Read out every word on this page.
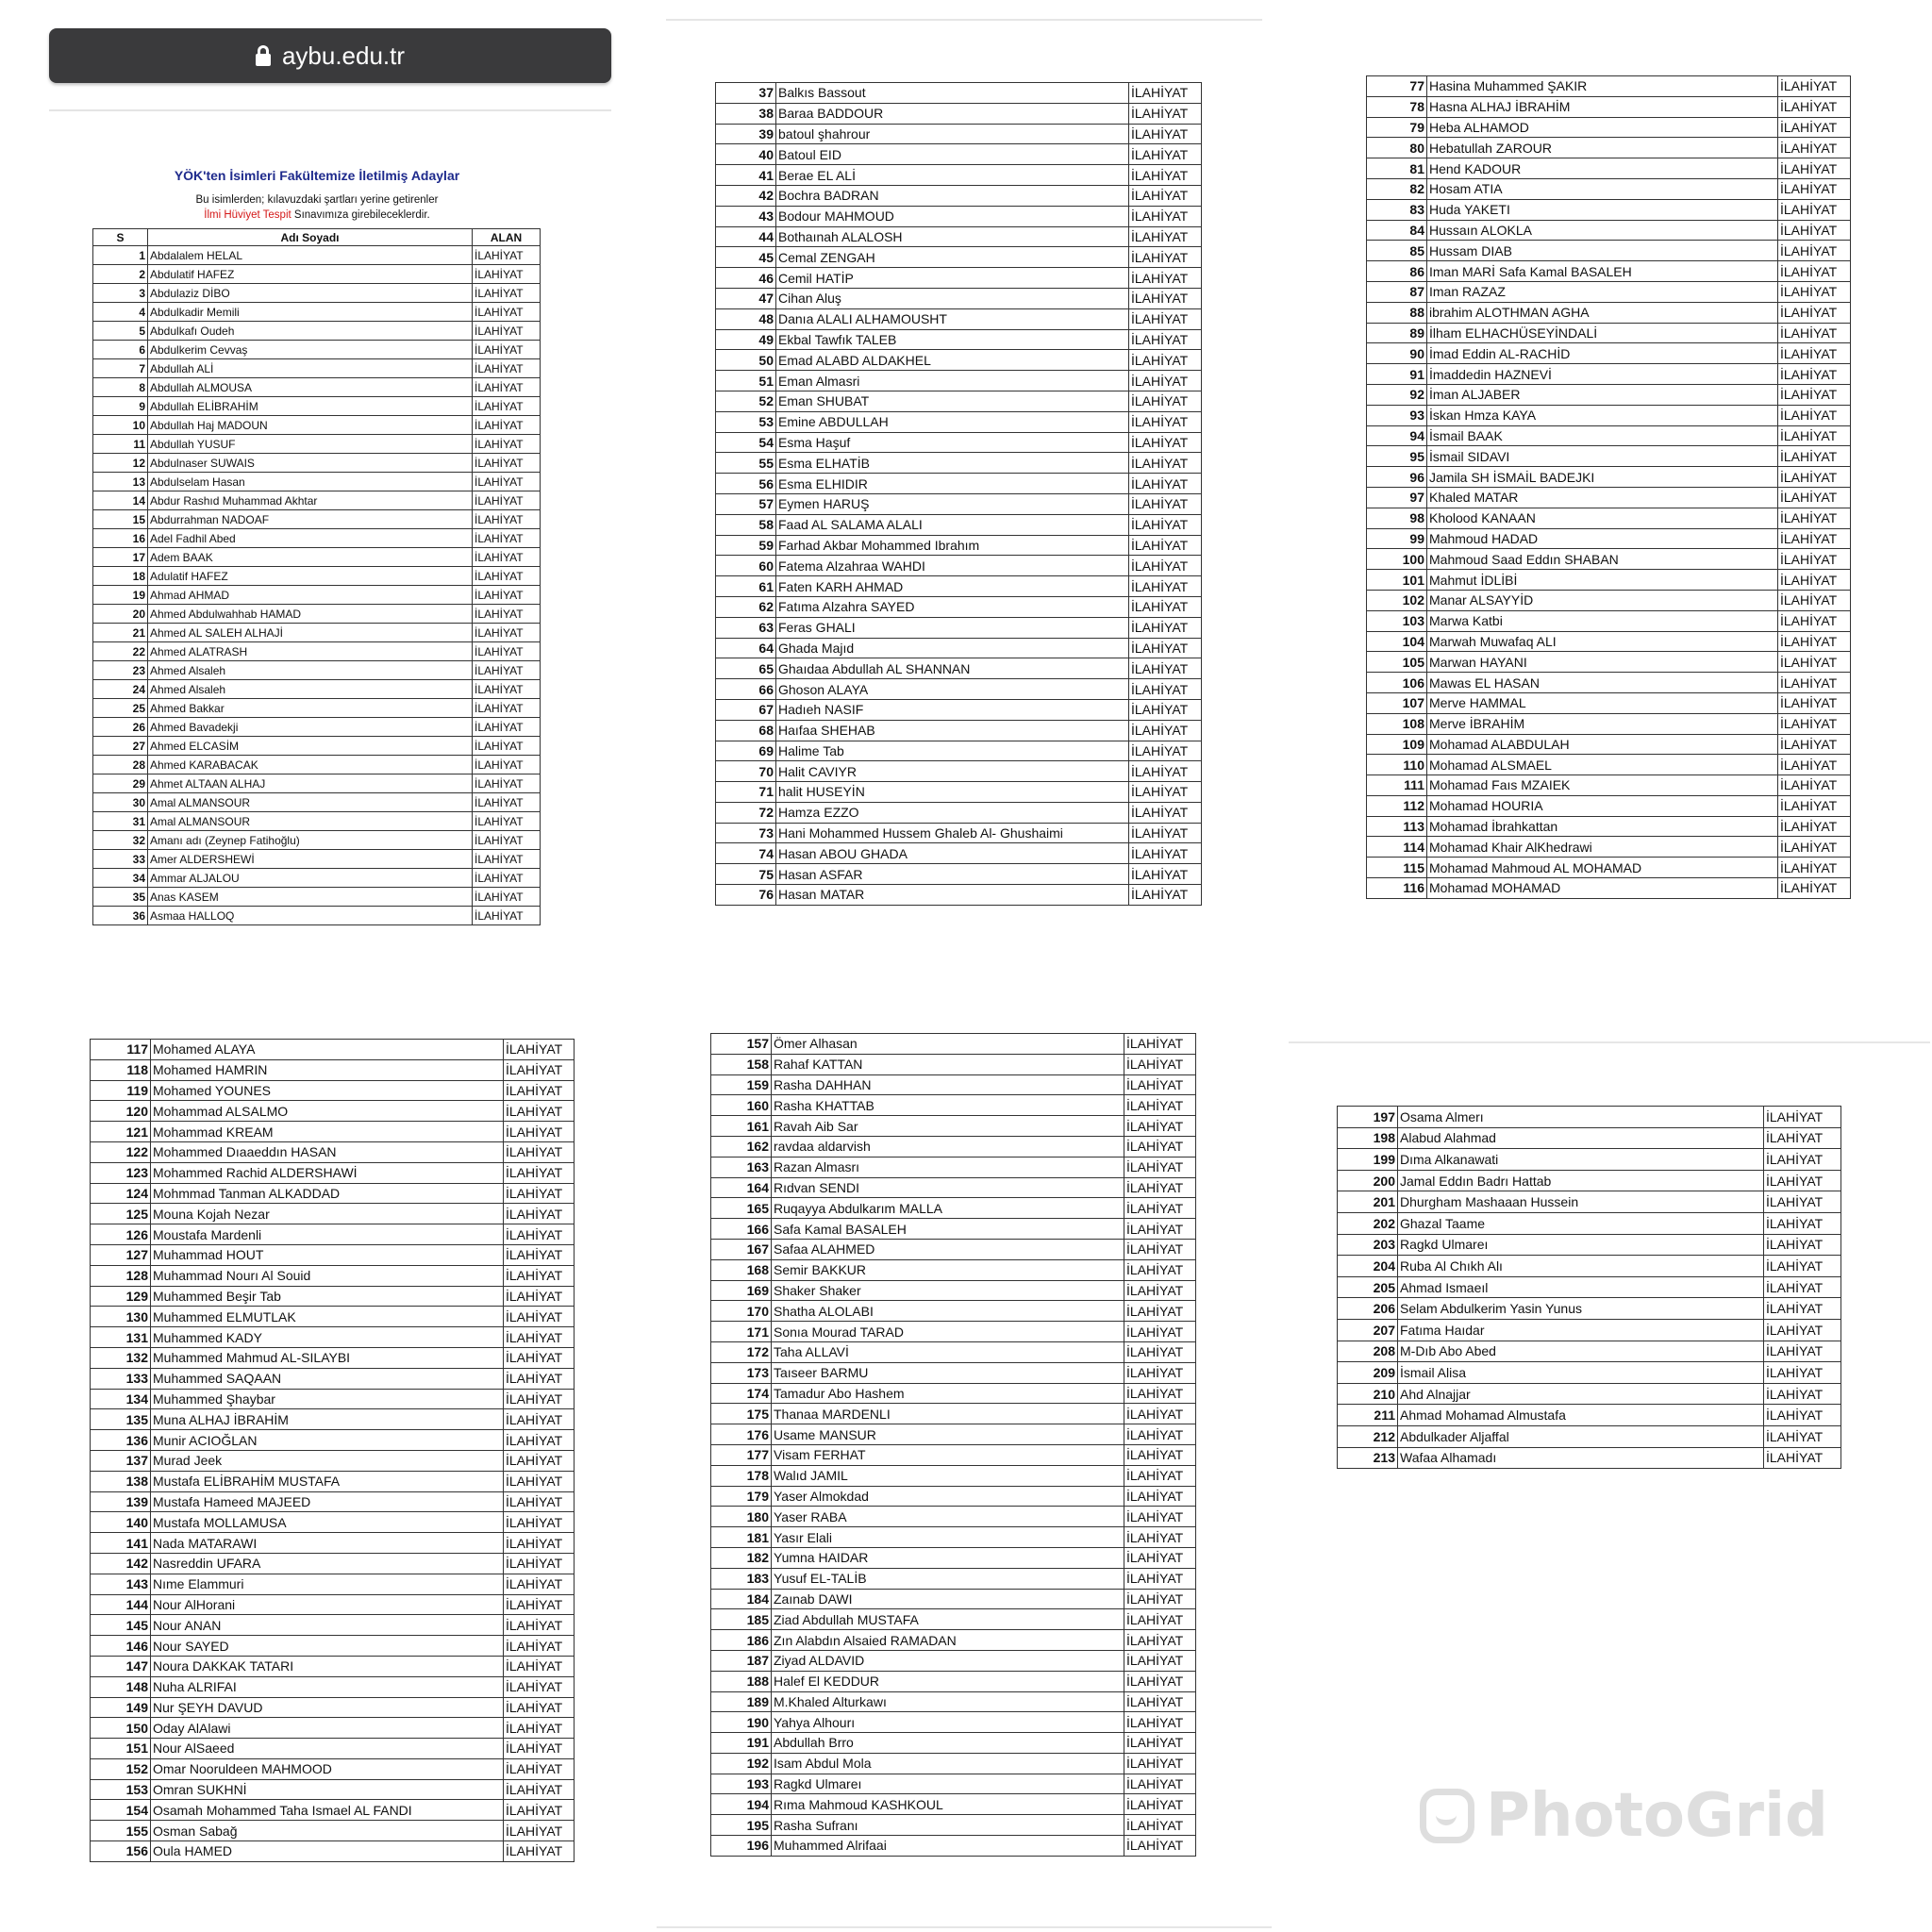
aybu.edu.tr
YÖK'ten İsimleri Fakültemize İletilmiş Adaylar
Bu isimlerden; kılavuzdaki şartları yerine getirenler
İlmi Hüviyet Tespit Sınavımıza girebileceklerdir.
S	Adı Soyadı	ALAN
1	Abdalalem HELAL	İLAHİYAT
2	Abdulatif HAFEZ	İLAHİYAT
3	Abdulaziz DİBO	İLAHİYAT
4	Abdulkadir Memili	İLAHİYAT
5	Abdulkafı Oudeh	İLAHİYAT
6	Abdulkerim Cevvaş	İLAHİYAT
7	Abdullah ALİ	İLAHİYAT
8	Abdullah ALMOUSA	İLAHİYAT
9	Abdullah ELİBRAHİM	İLAHİYAT
10	Abdullah Haj MADOUN	İLAHİYAT
11	Abdullah YUSUF	İLAHİYAT
12	Abdulnaser SUWAIS	İLAHİYAT
13	Abdulselam Hasan	İLAHİYAT
14	Abdur Rashıd Muhammad Akhtar	İLAHİYAT
15	Abdurrahman NADOAF	İLAHİYAT
16	Adel Fadhil Abed	İLAHİYAT
17	Adem BAAK	İLAHİYAT
18	Adulatif HAFEZ	İLAHİYAT
19	Ahmad AHMAD	İLAHİYAT
20	Ahmed Abdulwahhab HAMAD	İLAHİYAT
21	Ahmed AL SALEH ALHAJİ	İLAHİYAT
22	Ahmed ALATRASH	İLAHİYAT
23	Ahmed Alsaleh	İLAHİYAT
24	Ahmed Alsaleh	İLAHİYAT
25	Ahmed Bakkar	İLAHİYAT
26	Ahmed Bavadekji	İLAHİYAT
27	Ahmed ELCASİM	İLAHİYAT
28	Ahmed KARABACAK	İLAHİYAT
29	Ahmet ALTAAN ALHAJ	İLAHİYAT
30	Amal ALMANSOUR	İLAHİYAT
31	Amal ALMANSOUR	İLAHİYAT
32	Amanı adı (Zeynep Fatihoğlu)	İLAHİYAT
33	Amer ALDERSHEWİ	İLAHİYAT
34	Ammar ALJALOU	İLAHİYAT
35	Anas KASEM	İLAHİYAT
36	Asmaa HALLOQ	İLAHİYAT
37	Balkıs Bassout	İLAHİYAT
38	Baraa BADDOUR	İLAHİYAT
39	batoul şhahrour	İLAHİYAT
40	Batoul EID	İLAHİYAT
41	Berae EL ALİ	İLAHİYAT
42	Bochra BADRAN	İLAHİYAT
43	Bodour MAHMOUD	İLAHİYAT
44	Bothaınah ALALOSH	İLAHİYAT
45	Cemal ZENGAH	İLAHİYAT
46	Cemil HATİP	İLAHİYAT
47	Cihan Aluş	İLAHİYAT
48	Danıa ALALI ALHAMOUSHT	İLAHİYAT
49	Ekbal Tawfık TALEB	İLAHİYAT
50	Emad ALABD ALDAKHEL	İLAHİYAT
51	Eman Almasri	İLAHİYAT
52	Eman SHUBAT	İLAHİYAT
53	Emine ABDULLAH	İLAHİYAT
54	Esma Haşuf	İLAHİYAT
55	Esma ELHATİB	İLAHİYAT
56	Esma ELHIDIR	İLAHİYAT
57	Eymen HARUŞ	İLAHİYAT
58	Faad AL SALAMA ALALI	İLAHİYAT
59	Farhad Akbar Mohammed Ibrahım	İLAHİYAT
60	Fatema Alzahraa WAHDI	İLAHİYAT
61	Faten KARH AHMAD	İLAHİYAT
62	Fatıma Alzahra SAYED	İLAHİYAT
63	Feras GHALI	İLAHİYAT
64	Ghada Majıd	İLAHİYAT
65	Ghaıdaa Abdullah AL SHANNAN	İLAHİYAT
66	Ghoson ALAYA	İLAHİYAT
67	Hadıeh NASIF	İLAHİYAT
68	Haıfaa SHEHAB	İLAHİYAT
69	Halime Tab	İLAHİYAT
70	Halit CAVIYR	İLAHİYAT
71	halit HUSEYİN	İLAHİYAT
72	Hamza EZZO	İLAHİYAT
73	Hani Mohammed Hussem Ghaleb Al- Ghushaimi	İLAHİYAT
74	Hasan ABOU GHADA	İLAHİYAT
75	Hasan ASFAR	İLAHİYAT
76	Hasan MATAR	İLAHİYAT
77	Hasina Muhammed ŞAKIR	İLAHİYAT
78	Hasna ALHAJ İBRAHİM	İLAHİYAT
79	Heba ALHAMOD	İLAHİYAT
80	Hebatullah ZAROUR	İLAHİYAT
81	Hend KADOUR	İLAHİYAT
82	Hosam ATIA	İLAHİYAT
83	Huda YAKETI	İLAHİYAT
84	Hussaın ALOKLA	İLAHİYAT
85	Hussam DIAB	İLAHİYAT
86	Iman MARİ Safa Kamal BASALEH	İLAHİYAT
87	Iman RAZAZ	İLAHİYAT
88	ibrahim ALOTHMAN AGHA	İLAHİYAT
89	İlham ELHACHÜSEYİNDALİ	İLAHİYAT
90	İmad Eddin AL-RACHİD	İLAHİYAT
91	İmaddedin HAZNEVİ	İLAHİYAT
92	İman ALJABER	İLAHİYAT
93	İskan Hmza KAYA	İLAHİYAT
94	İsmail BAAK	İLAHİYAT
95	İsmail SIDAVI	İLAHİYAT
96	Jamila SH İSMAİL BADEJKI	İLAHİYAT
97	Khaled MATAR	İLAHİYAT
98	Kholood KANAAN	İLAHİYAT
99	Mahmoud HADAD	İLAHİYAT
100	Mahmoud Saad Eddın SHABAN	İLAHİYAT
101	Mahmut İDLİBİ	İLAHİYAT
102	Manar ALSAYYİD	İLAHİYAT
103	Marwa Katbi	İLAHİYAT
104	Marwah Muwafaq ALI	İLAHİYAT
105	Marwan HAYANI	İLAHİYAT
106	Mawas EL HASAN	İLAHİYAT
107	Merve HAMMAL	İLAHİYAT
108	Merve İBRAHİM	İLAHİYAT
109	Mohamad ALABDULAH	İLAHİYAT
110	Mohamad ALSMAEL	İLAHİYAT
111	Mohamad Faıs MZAIEK	İLAHİYAT
112	Mohamad HOURIA	İLAHİYAT
113	Mohamad İbrahkattan	İLAHİYAT
114	Mohamad Khair AlKhedrawi	İLAHİYAT
115	Mohamad Mahmoud AL MOHAMAD	İLAHİYAT
116	Mohamad MOHAMAD	İLAHİYAT
117	Mohamed ALAYA	İLAHİYAT
118	Mohamed HAMRIN	İLAHİYAT
119	Mohamed YOUNES	İLAHİYAT
120	Mohammad ALSALMO	İLAHİYAT
121	Mohammad KREAM	İLAHİYAT
122	Mohammed Dıaaeddın HASAN	İLAHİYAT
123	Mohammed Rachid ALDERSHAWİ	İLAHİYAT
124	Mohmmad Tanman ALKADDAD	İLAHİYAT
125	Mouna Kojah Nezar	İLAHİYAT
126	Moustafa Mardenli	İLAHİYAT
127	Muhammad HOUT	İLAHİYAT
128	Muhammad Nourı Al Souid	İLAHİYAT
129	Muhammed Beşir Tab	İLAHİYAT
130	Muhammed ELMUTLAK	İLAHİYAT
131	Muhammed KADY	İLAHİYAT
132	Muhammed Mahmud AL-SILAYBI	İLAHİYAT
133	Muhammed SAQAAN	İLAHİYAT
134	Muhammed Şhaybar	İLAHİYAT
135	Muna ALHAJ İBRAHİM	İLAHİYAT
136	Munir ACIOĞLAN	İLAHİYAT
137	Murad Jeek	İLAHİYAT
138	Mustafa ELİBRAHİM MUSTAFA	İLAHİYAT
139	Mustafa Hameed MAJEED	İLAHİYAT
140	Mustafa MOLLAMUSA	İLAHİYAT
141	Nada MATARAWI	İLAHİYAT
142	Nasreddin UFARA	İLAHİYAT
143	Nıme Elammuri	İLAHİYAT
144	Nour AlHorani	İLAHİYAT
145	Nour ANAN	İLAHİYAT
146	Nour SAYED	İLAHİYAT
147	Noura DAKKAK TATARI	İLAHİYAT
148	Nuha ALRIFAI	İLAHİYAT
149	Nur ŞEYH DAVUD	İLAHİYAT
150	Oday AlAlawi	İLAHİYAT
151	Nour AlSaeed	İLAHİYAT
152	Omar Nooruldeen MAHMOOD	İLAHİYAT
153	Omran SUKHNİ	İLAHİYAT
154	Osamah Mohammed Taha Ismael AL FANDI	İLAHİYAT
155	Osman Sabağ	İLAHİYAT
156	Oula HAMED	İLAHİYAT
157	Ömer Alhasan	İLAHİYAT
158	Rahaf KATTAN	İLAHİYAT
159	Rasha DAHHAN	İLAHİYAT
160	Rasha KHATTAB	İLAHİYAT
161	Ravah Aib Sar	İLAHİYAT
162	ravdaa aldarvish	İLAHİYAT
163	Razan Almasrı	İLAHİYAT
164	Rıdvan SENDI	İLAHİYAT
165	Ruqayya Abdulkarım MALLA	İLAHİYAT
166	Safa Kamal BASALEH	İLAHİYAT
167	Safaa ALAHMED	İLAHİYAT
168	Semir BAKKUR	İLAHİYAT
169	Shaker Shaker	İLAHİYAT
170	Shatha ALOLABI	İLAHİYAT
171	Sonıa Mourad TARAD	İLAHİYAT
172	Taha ALLAVİ	İLAHİYAT
173	Taıseer BARMU	İLAHİYAT
174	Tamadur Abo Hashem	İLAHİYAT
175	Thanaa MARDENLI	İLAHİYAT
176	Usame MANSUR	İLAHİYAT
177	Visam FERHAT	İLAHİYAT
178	Walıd JAMIL	İLAHİYAT
179	Yaser Almokdad	İLAHİYAT
180	Yaser RABA	İLAHİYAT
181	Yasır Elali	İLAHİYAT
182	Yumna HAIDAR	İLAHİYAT
183	Yusuf EL-TALİB	İLAHİYAT
184	Zaınab DAWI	İLAHİYAT
185	Ziad Abdullah MUSTAFA	İLAHİYAT
186	Zın Alabdın Alsaied RAMADAN	İLAHİYAT
187	Ziyad ALDAVID	İLAHİYAT
188	Halef El KEDDUR	İLAHİYAT
189	M.Khaled Alturkawı	İLAHİYAT
190	Yahya Alhourı	İLAHİYAT
191	Abdullah Brro	İLAHİYAT
192	Isam Abdul Mola	İLAHİYAT
193	Ragkd Ulmareı	İLAHİYAT
194	Rıma Mahmoud KASHKOUL	İLAHİYAT
195	Rasha Sufranı	İLAHİYAT
196	Muhammed Alrifaai	İLAHİYAT
197	Osama Almerı	İLAHİYAT
198	Alabud Alahmad	İLAHİYAT
199	Dıma Alkanawati	İLAHİYAT
200	Jamal Eddın Badrı Hattab	İLAHİYAT
201	Dhurgham Mashaaan Hussein	İLAHİYAT
202	Ghazal Taame	İLAHİYAT
203	Ragkd Ulmareı	İLAHİYAT
204	Ruba Al Chıkh Alı	İLAHİYAT
205	Ahmad Ismaeıl	İLAHİYAT
206	Selam Abdulkerim Yasin Yunus	İLAHİYAT
207	Fatıma Haıdar	İLAHİYAT
208	M-Dıb Abo Abed	İLAHİYAT
209	İsmail Alisa	İLAHİYAT
210	Ahd Alnajjar	İLAHİYAT
211	Ahmad Mohamad Almustafa	İLAHİYAT
212	Abdulkader Aljaffal	İLAHİYAT
213	Wafaa Alhamadı	İLAHİYAT
PhotoGrid
